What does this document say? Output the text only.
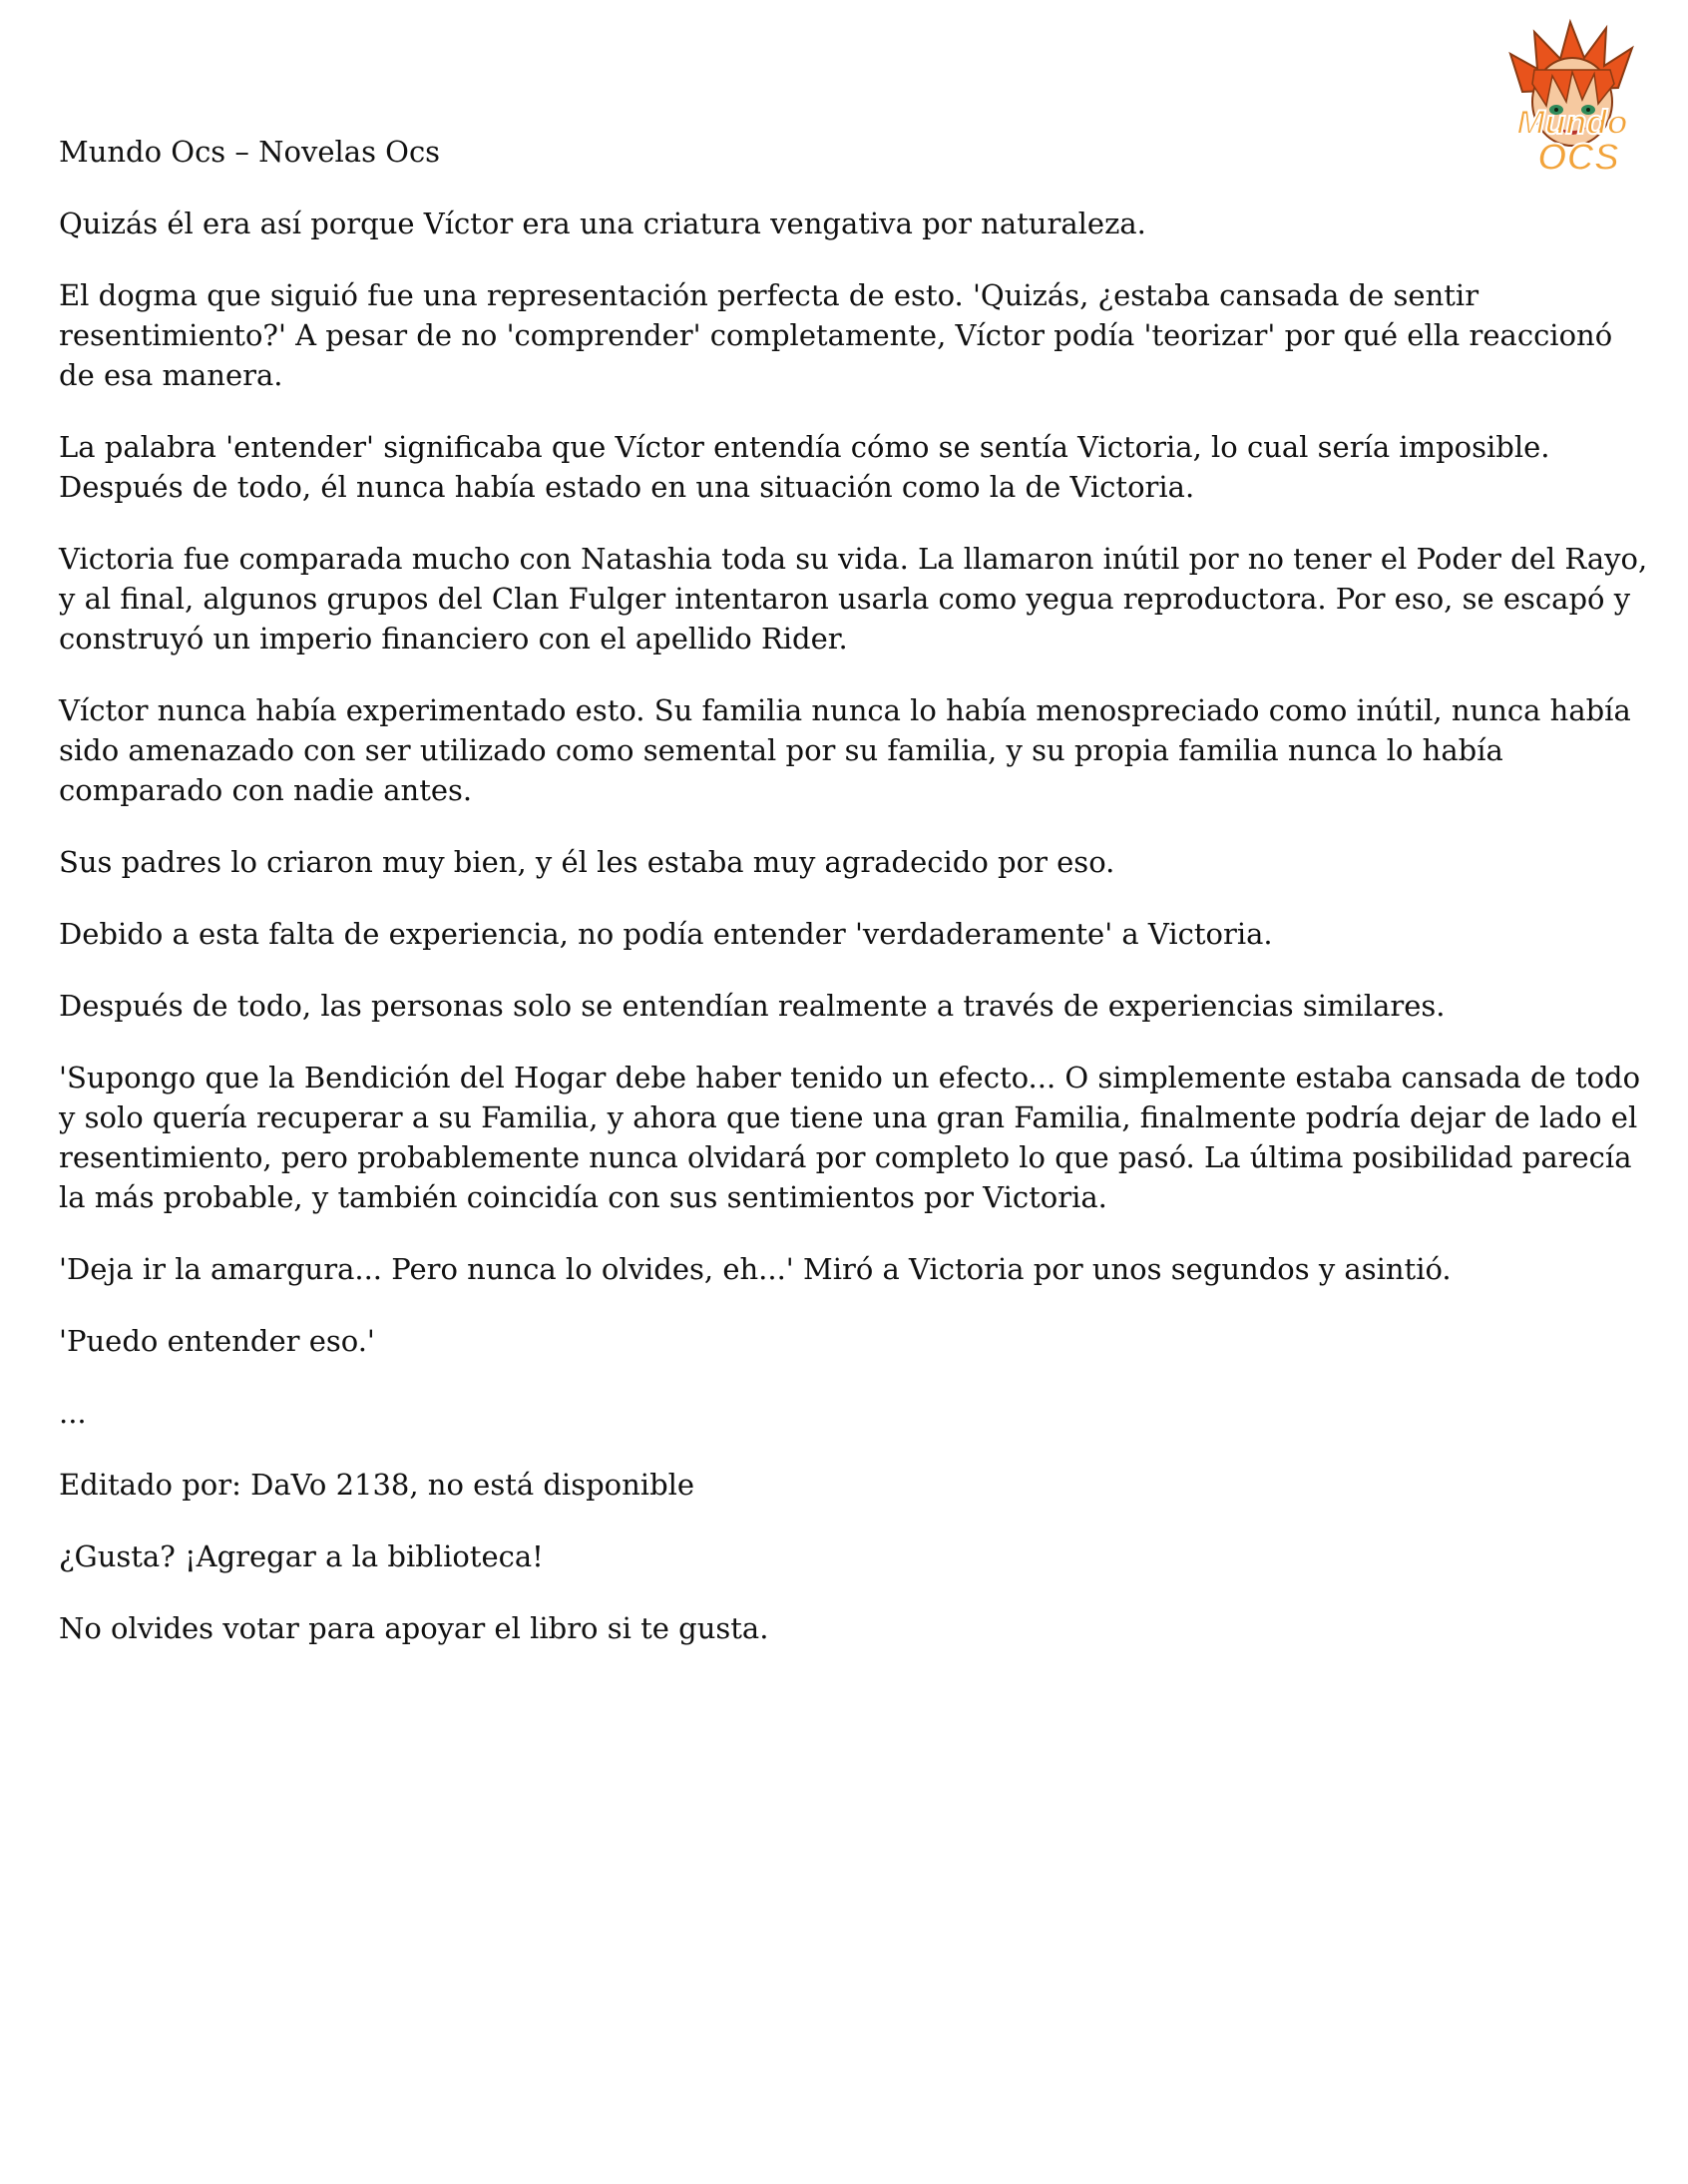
Mundo
OCS

Mundo Ocs – Novelas Ocs

Quizás él era así porque Víctor era una criatura vengativa por naturaleza.

El dogma que siguió fue una representación perfecta de esto. 'Quizás, ¿estaba cansada de sentir resentimiento?' A pesar de no 'comprender' completamente, Víctor podía 'teorizar' por qué ella reaccionó de esa manera.

La palabra 'entender' significaba que Víctor entendía cómo se sentía Victoria, lo cual sería imposible. Después de todo, él nunca había estado en una situación como la de Victoria.

Victoria fue comparada mucho con Natashia toda su vida. La llamaron inútil por no tener el Poder del Rayo, y al final, algunos grupos del Clan Fulger intentaron usarla como yegua reproductora. Por eso, se escapó y construyó un imperio financiero con el apellido Rider.

Víctor nunca había experimentado esto. Su familia nunca lo había menospreciado como inútil, nunca había sido amenazado con ser utilizado como semental por su familia, y su propia familia nunca lo había comparado con nadie antes.

Sus padres lo criaron muy bien, y él les estaba muy agradecido por eso.

Debido a esta falta de experiencia, no podía entender 'verdaderamente' a Victoria.

Después de todo, las personas solo se entendían realmente a través de experiencias similares.

'Supongo que la Bendición del Hogar debe haber tenido un efecto... O simplemente estaba cansada de todo y solo quería recuperar a su Familia, y ahora que tiene una gran Familia, finalmente podría dejar de lado el resentimiento, pero probablemente nunca olvidará por completo lo que pasó. La última posibilidad parecía la más probable, y también coincidía con sus sentimientos por Victoria.

'Deja ir la amargura... Pero nunca lo olvides, eh...' Miró a Victoria por unos segundos y asintió.

'Puedo entender eso.'

...

Editado por: DaVo 2138, no está disponible

¿Gusta? ¡Agregar a la biblioteca!

No olvides votar para apoyar el libro si te gusta.
